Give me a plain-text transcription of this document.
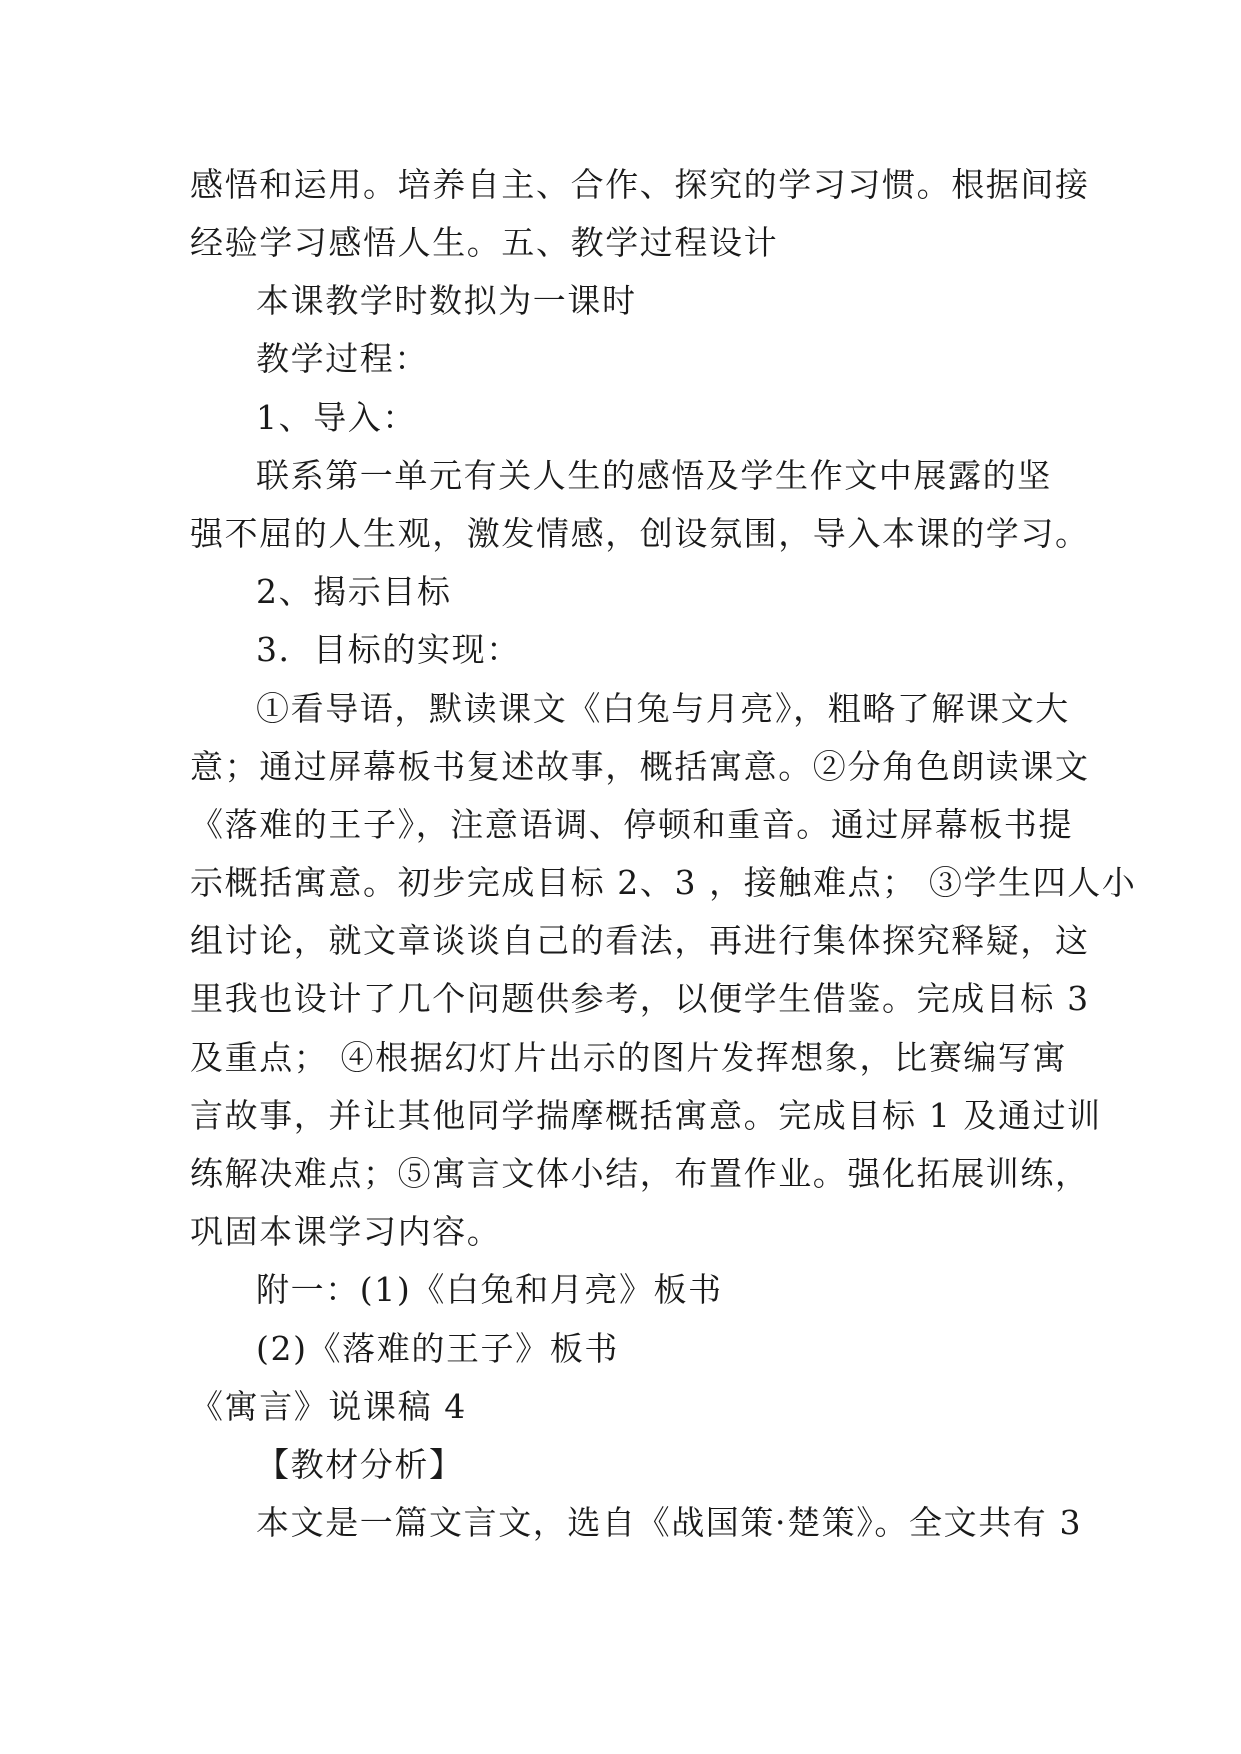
感悟和运用。培养自主、合作、探究的学习习惯。根据间接
经验学习感悟人生。五、教学过程设计
本课教学时数拟为一课时
教学过程：
1、导入：
联系第一单元有关人生的感悟及学生作文中展露的坚
强不屈的人生观，激发情感，创设氛围，导入本课的学习。
2、揭示目标
3．目标的实现：
①看导语，默读课文《白兔与月亮》，粗略了解课文大
意；通过屏幕板书复述故事，概括寓意。②分角色朗读课文
《落难的王子》，注意语调、停顿和重音。通过屏幕板书提
示概括寓意。初步完成目标 2、3 ，接触难点； ③学生四人小
组讨论，就文章谈谈自己的看法，再进行集体探究释疑，这
里我也设计了几个问题供参考，以便学生借鉴。完成目标 3
及重点； ④根据幻灯片出示的图片发挥想象，比赛编写寓
言故事，并让其他同学揣摩概括寓意。完成目标 1 及通过训
练解决难点；⑤寓言文体小结，布置作业。强化拓展训练，
巩固本课学习内容。
附一：(1)《白兔和月亮》板书
(2)《落难的王子》板书
《寓言》说课稿 4
【教材分析】
本文是一篇文言文，选自《战国策·楚策》。全文共有 3
